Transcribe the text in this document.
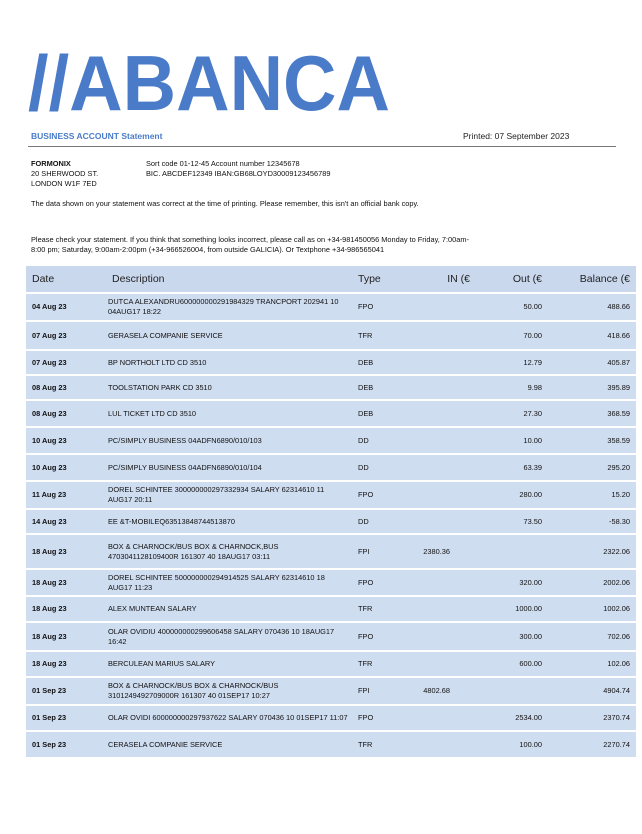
//ABANCA
BUSINESS ACCOUNT Statement	Printed: 07 September 2023
FORMONIX
20 SHERWOOD ST.
LONDON W1F 7ED
Sort code 01-12-45 Account number 12345678
BIC. ABCDEF12349 IBAN:GB68LOYD30009123456789
The data shown on your statement was correct at the time of printing. Please remember, this isn't an official bank copy.
Please check your statement. If you think that something looks incorrect, please call as on +34-981450056 Monday to Friday, 7:00am-8:00 pm; Saturday, 9:00am-2:00pm (+34-966526004, from outside GALICIA). Or Textphone +34-986565041
Date	Description	Type	IN (€	Out (€	Balance (€
04 Aug 23	DUTCA ALEXANDRU600000000291984329 TRANCPORT 202941 10 04AUG17 18:22	FPO		50.00	488.66
07 Aug 23	GERASELA COMPANIE SERVICE	TFR		70.00	418.66
07 Aug 23	BP NORTHOLT LTD CD 3510	DEB		12.79	405.87
08 Aug 23	TOOLSTATION PARK CD 3510	DEB		9.98	395.89
08 Aug 23	LUL TICKET LTD CD 3510	DEB		27.30	368.59
10 Aug 23	PC/SIMPLY BUSINESS 04ADFN6890/010/103	DD		10.00	358.59
10 Aug 23	PC/SIMPLY BUSINESS 04ADFN6890/010/104	DD		63.39	295.20
11 Aug 23	DOREL SCHINTEE 300000000297332934 SALARY 62314610 11 AUG17 20:11	FPO		280.00	15.20
14 Aug 23	EE &T-MOBILEQ63513848744513870	DD		73.50	-58.30
18 Aug 23	BOX & CHARNOCK/BUS BOX & CHARNOCK,BUS 4703041128109400R 161307 40 18AUG17 03:11	FPI	2380.36		2322.06
18 Aug 23	DOREL SCHINTEE 500000000294914525 SALARY 62314610 18 AUG17 11:23	FPO		320.00	2002.06
18 Aug 23	ALEX MUNTEAN SALARY	TFR		1000.00	1002.06
18 Aug 23	OLAR OVIDIU 400000000299606458 SALARY 070436 10 18AUG17 16:42	FPO		300.00	702.06
18 Aug 23	BERCULEAN MARIUS SALARY	TFR		600.00	102.06
01 Sep 23	BOX & CHARNOCK/BUS BOX & CHARNOCK/BUS 3101249492709000R 161307 40 01SEP17 10:27	FPI	4802.68		4904.74
01 Sep 23	OLAR OVIDI 600000000297937622 SALARY 070436 10 01SEP17 11:07	FPO		2534.00	2370.74
01 Sep 23	CERASELA COMPANIE SERVICE	TFR		100.00	2270.74
